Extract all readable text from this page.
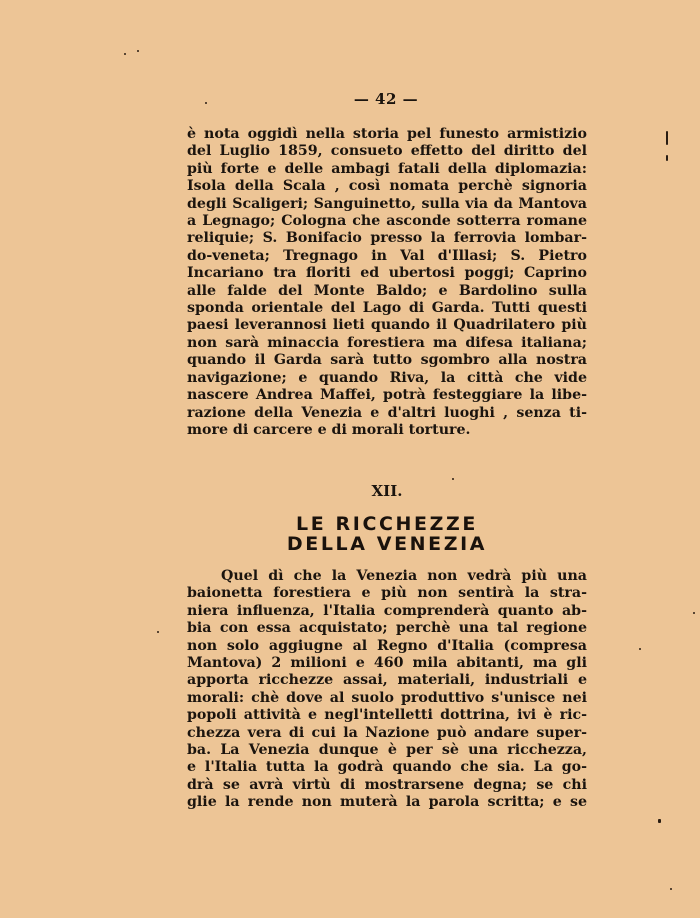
— 42 —
è nota oggidì nella storia pel funesto armistizio
del Luglio 1859, consueto effetto del diritto del
più forte e delle ambagi fatali della diplomazia:
Isola della Scala , così nomata perchè signoria
degli Scaligeri; Sanguinetto, sulla via da Mantova
a Legnago; Cologna che asconde sotterra romane
reliquie; S. Bonifacio presso la ferrovia lombar-
do-veneta; Tregnago in Val d'Illasi; S. Pietro
Incariano tra floriti ed ubertosi poggi; Caprino
alle falde del Monte Baldo; e Bardolino sulla
sponda orientale del Lago di Garda. Tutti questi
paesi leverannosi lieti quando il Quadrilatero più
non sarà minaccia forestiera ma difesa italiana;
quando il Garda sarà tutto sgombro alla nostra
navigazione; e quando Riva, la città che vide
nascere Andrea Maffei, potrà festeggiare la libe-
razione della Venezia e d'altri luoghi , senza ti-
more di carcere e di morali torture.
XII.
LE RICCHEZZE
DELLA VENEZIA
Quel dì che la Venezia non vedrà più una
baionetta forestiera e più non sentirà la stra-
niera influenza, l'Italia comprenderà quanto ab-
bia con essa acquistato; perchè una tal regione
non solo aggiugne al Regno d'Italia (compresa
Mantova) 2 milioni e 460 mila abitanti, ma gli
apporta ricchezze assai, materiali, industriali e
morali: chè dove al suolo produttivo s'unisce nei
popoli attività e negl'intelletti dottrina, ivi è ric-
chezza vera di cui la Nazione può andare super-
ba. La Venezia dunque è per sè una ricchezza,
e l'Italia tutta la godrà quando che sia. La go-
drà se avrà virtù di mostrarsene degna; se chi
glie la rende non muterà la parola scritta; e se
